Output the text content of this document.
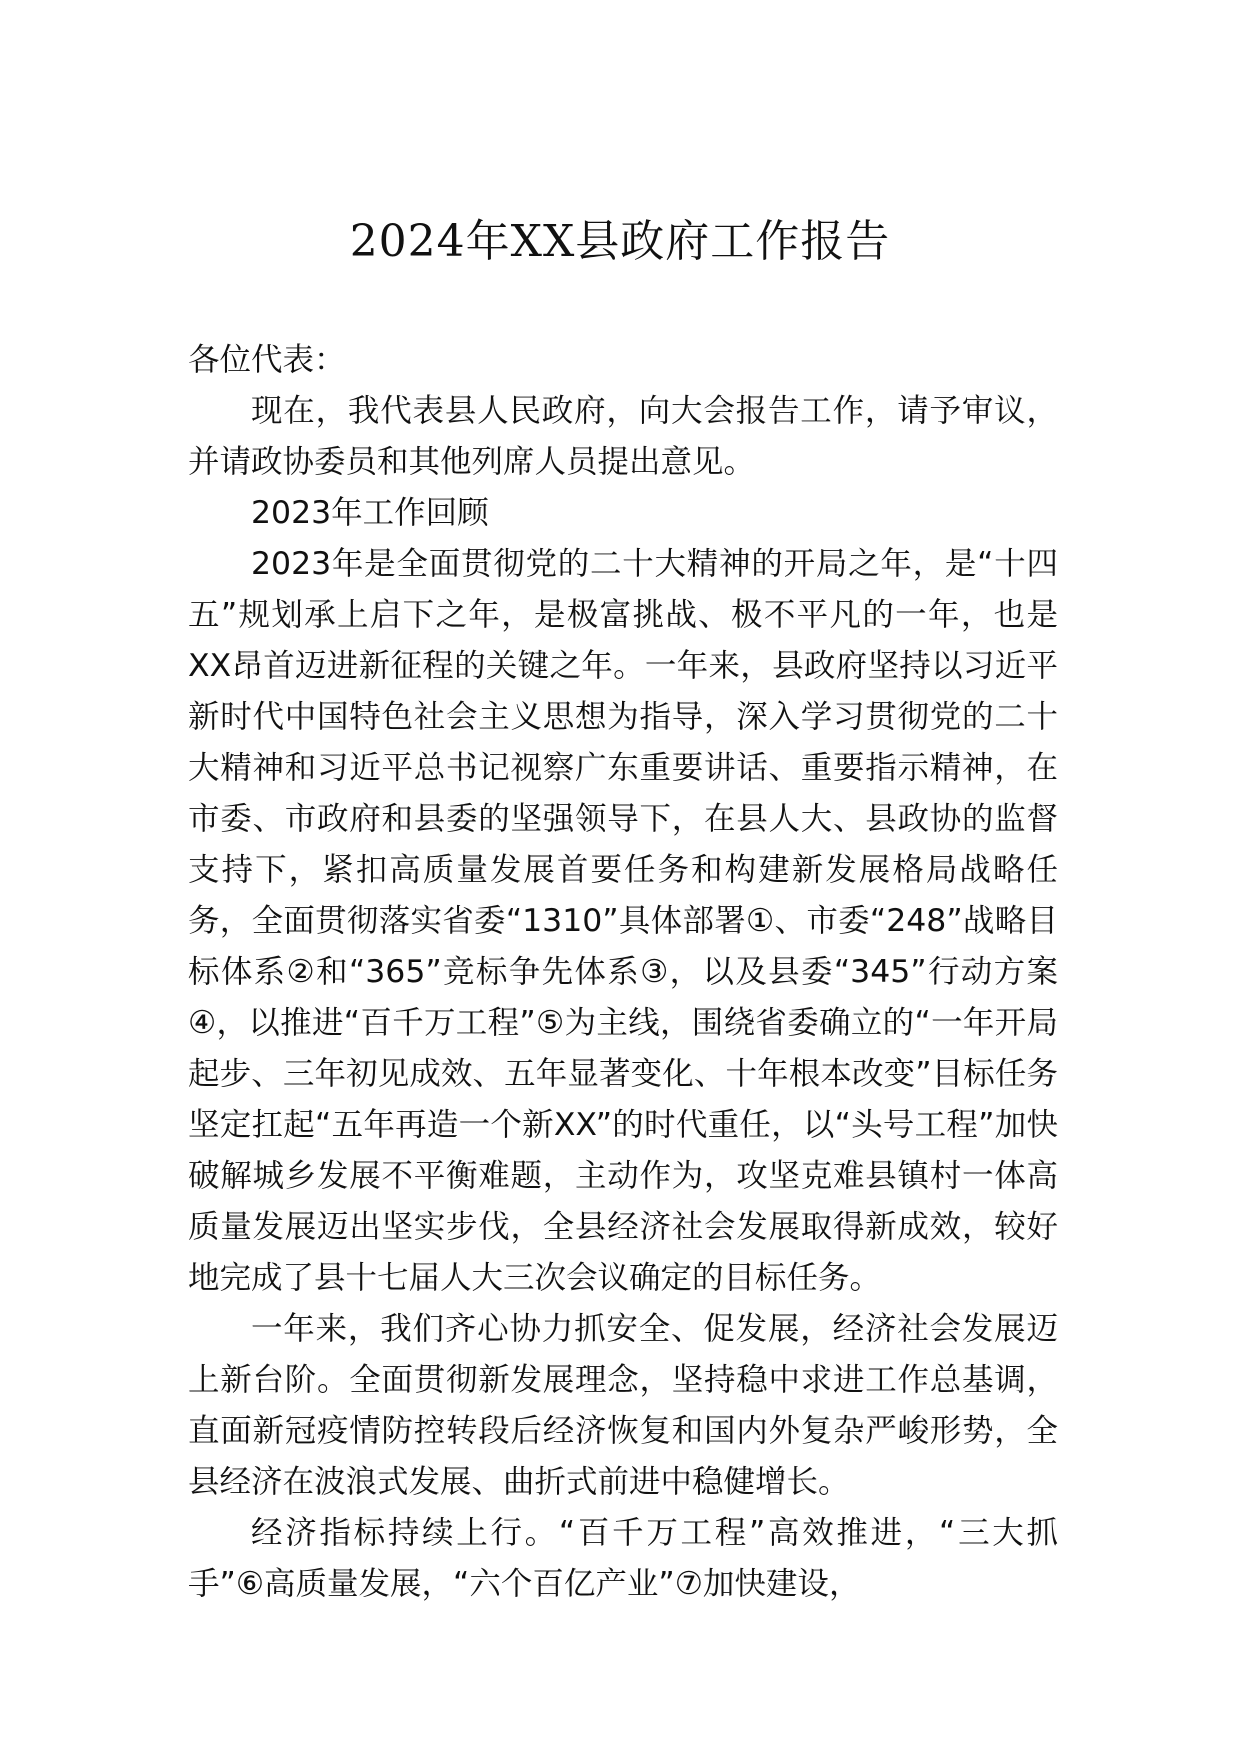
2024年XX县政府工作报告

各位代表：

现在，我代表县人民政府，向大会报告工作，请予审议，并请政协委员和其他列席人员提出意见。

2023年工作回顾

2023年是全面贯彻党的二十大精神的开局之年，是“十四五”规划承上启下之年，是极富挑战、极不平凡的一年，也是XX昂首迈进新征程的关键之年。一年来，县政府坚持以习近平新时代中国特色社会主义思想为指导，深入学习贯彻党的二十大精神和习近平总书记视察广东重要讲话、重要指示精神，在市委、市政府和县委的坚强领导下，在县人大、县政协的监督支持下，紧扣高质量发展首要任务和构建新发展格局战略任务，全面贯彻落实省委“1310”具体部署①、市委“248”战略目标体系②和“365”竞标争先体系③，以及县委“345”行动方案④，以推进“百千万工程”⑤为主线，围绕省委确立的“一年开局起步、三年初见成效、五年显著变化、十年根本改变”目标任务坚定扛起“五年再造一个新XX”的时代重任，以“头号工程”加快破解城乡发展不平衡难题，主动作为，攻坚克难县镇村一体高质量发展迈出坚实步伐，全县经济社会发展取得新成效，较好地完成了县十七届人大三次会议确定的目标任务。

一年来，我们齐心协力抓安全、促发展，经济社会发展迈上新台阶。全面贯彻新发展理念，坚持稳中求进工作总基调，直面新冠疫情防控转段后经济恢复和国内外复杂严峻形势，全县经济在波浪式发展、曲折式前进中稳健增长。

经济指标持续上行。“百千万工程”高效推进，“三大抓手”⑥高质量发展，“六个百亿产业”⑦加快建设，
